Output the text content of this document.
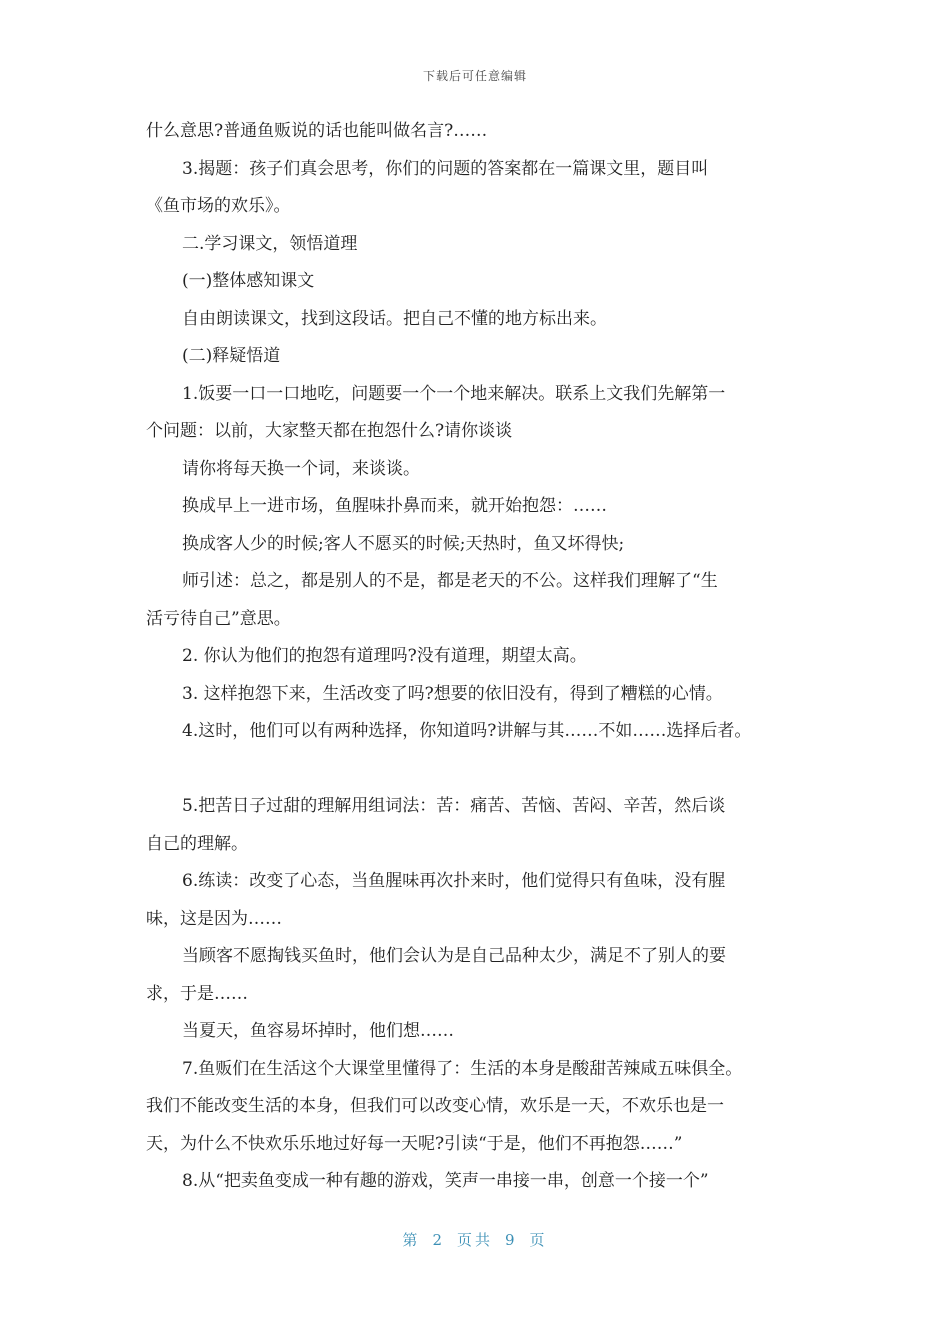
下载后可任意编辑
什么意思?普通鱼贩说的话也能叫做名言?……
3.揭题：孩子们真会思考，你们的问题的答案都在一篇课文里，题目叫
《鱼市场的欢乐》。
二.学习课文，领悟道理
(一)整体感知课文
自由朗读课文，找到这段话。把自己不懂的地方标出来。
(二)释疑悟道
1.饭要一口一口地吃，问题要一个一个地来解决。联系上文我们先解第一
个问题：以前，大家整天都在抱怨什么?请你谈谈
请你将每天换一个词，来谈谈。
换成早上一进市场，鱼腥味扑鼻而来，就开始抱怨：……
换成客人少的时候;客人不愿买的时候;天热时，鱼又坏得快;
师引述：总之，都是别人的不是，都是老天的不公。这样我们理解了“生
活亏待自己”意思。
2. 你认为他们的抱怨有道理吗?没有道理，期望太高。
3. 这样抱怨下来，生活改变了吗?想要的依旧没有，得到了糟糕的心情。
4.这时，他们可以有两种选择，你知道吗?讲解与其……不如……选择后者。
5.把苦日子过甜的理解用组词法：苦：痛苦、苦恼、苦闷、辛苦，然后谈
自己的理解。
6.练读：改变了心态，当鱼腥味再次扑来时，他们觉得只有鱼味，没有腥
味，这是因为……
当顾客不愿掏钱买鱼时，他们会认为是自己品种太少，满足不了别人的要
求，于是……
当夏天，鱼容易坏掉时，他们想……
7.鱼贩们在生活这个大课堂里懂得了：生活的本身是酸甜苦辣咸五味俱全。
我们不能改变生活的本身，但我们可以改变心情，欢乐是一天，不欢乐也是一
天，为什么不快欢乐乐地过好每一天呢?引读“于是，他们不再抱怨……”
8.从“把卖鱼变成一种有趣的游戏，笑声一串接一串，创意一个接一个”
第 2 页共 9 页
